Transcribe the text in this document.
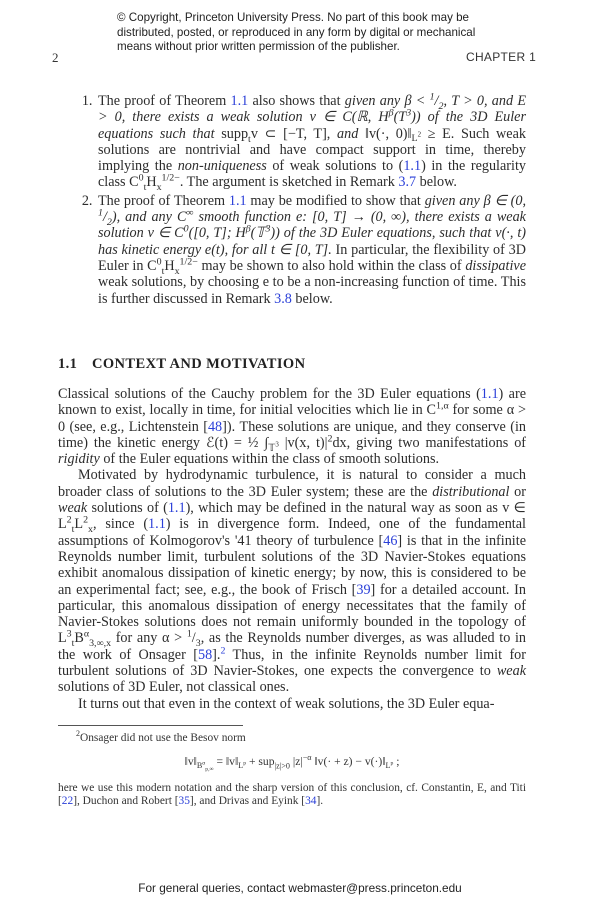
© Copyright, Princeton University Press. No part of this book may be distributed, posted, or reproduced in any form by digital or mechanical means without prior written permission of the publisher.
2	CHAPTER 1
1. The proof of Theorem 1.1 also shows that given any $\beta < ^1/_2$, T > 0, and E > 0, there exists a weak solution v ∈ C(ℝ, $H^\beta(T^3)$) of the 3D Euler equations such that supp$_t$v ⊂ [−T, T], and ‖v(·, $0)‖_{L^2} \ge E$. Such weak solutions are nontrivial and have compact support in time, thereby implying the non-uniqueness of weak solutions to (1.1) in the regularity class $C^0_tH_x^{1/2-}$. The argument is sketched in Remark 3.7 below.
2. The proof of Theorem 1.1 may be modified to show that given any β ∈ (0, $^1/_2$), and any C∞ smooth function e: [0, T] → (0, ∞), there exists a weak solution v ∈ $C^0([0$, T]; $H^\beta(𝕋^3)$) of the 3D Euler equations, such that v(·, t) has kinetic energy e(t), for all t ∈ [0, T]. In particular, the flexibility of 3D Euler in $C^0_tH_x^{1/2-}$ may be shown to also hold within the class of dissipative weak solutions, by choosing e to be a non-increasing function of time. This is further discussed in Remark 3.8 below.
1.1 CONTEXT AND MOTIVATION

Classical solutions of the Cauchy problem for the 3D Euler equations (1.1) are known to exist, locally in time, for initial velocities which lie in $C^{1,\alpha}$ for some α > 0 (see, e.g., Lichtenstein [48]). These solutions are unique, and they conserve (in time) the kinetic energy ℰ(t) = ½ $\int_{𝕋^3}$ |v(x, $t)|^2dx$, giving two manifestations of rigidity of the Euler equations within the class of smooth solutions.

Motivated by hydrodynamic turbulence, it is natural to consider a much broader class of solutions to the 3D Euler system; these are the distributional or weak solutions of (1.1), which may be defined in the natural way as soon as v ∈ $L^2_tL^2_x$, since (1.1) is in divergence form. Indeed, one of the fundamental assumptions of Kolmogorov's '41 theory of turbulence [46] is that in the infinite Reynolds number limit, turbulent solutions of the 3D Navier-Stokes equations exhibit anomalous dissipation of kinetic energy; by now, this is considered to be an experimental fact; see, e.g., the book of Frisch [39] for a detailed account. In particular, this anomalous dissipation of energy necessitates that the family of Navier-Stokes solutions does not remain uniformly bounded in the topology of $L^3_tB^\alpha_{3,\infty,x}$ for any $\alpha > ^1/_3$, as the Reynolds number diverges, as was alluded to in the work of Onsager [58].$^2$ Thus, in the infinite Reynolds number limit for turbulent solutions of 3D Navier-Stokes, one expects the convergence to weak solutions of 3D Euler, not classical ones.

It turns out that even in the context of weak solutions, the 3D Euler equa-

$^2$Onsager did not use the Besov norm
$‖v‖_{B^\alpha_{p,\infty}}$ = $‖v‖_{L^p} + sup_{|z|>0}$ $|z|^{-\alpha}$ ‖v(· + $z) - v(\cdot)‖_{L^p}$ ;
here we use this modern notation and the sharp version of this conclusion, cf. Constantin, E, and Titi [22], Duchon and Robert [35], and Drivas and Eyink [34].
For general queries, contact webmaster@press.princeton.edu
